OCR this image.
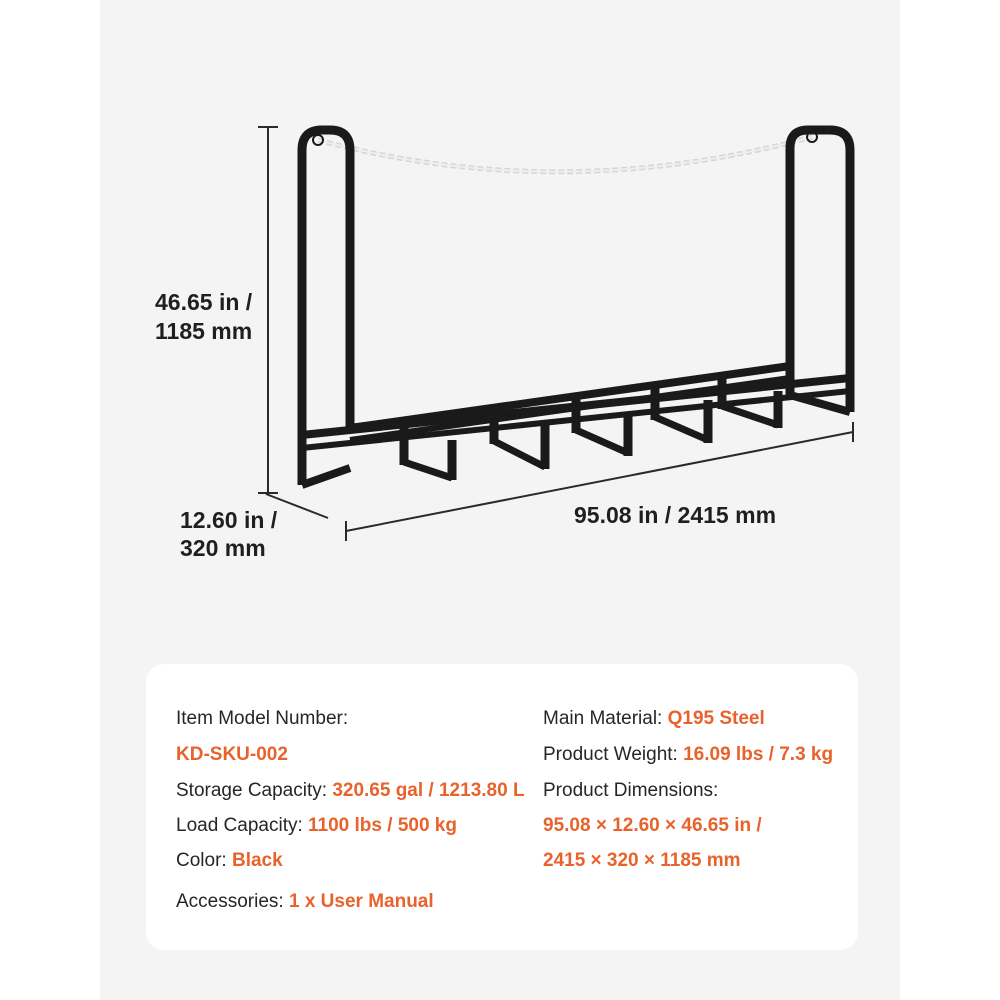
46.65 in /
1185 mm
12.60 in /
320 mm
95.08 in / 2415 mm
Item Model Number:
KD-SKU-002
Storage Capacity: 320.65 gal / 1213.80 L
Load Capacity: 1100 lbs / 500 kg
Color: Black
Accessories: 1 x User Manual
Main Material: Q195 Steel
Product Weight: 16.09 lbs / 7.3 kg
Product Dimensions:
95.08 × 12.60 × 46.65 in /
2415 × 320 × 1185 mm
